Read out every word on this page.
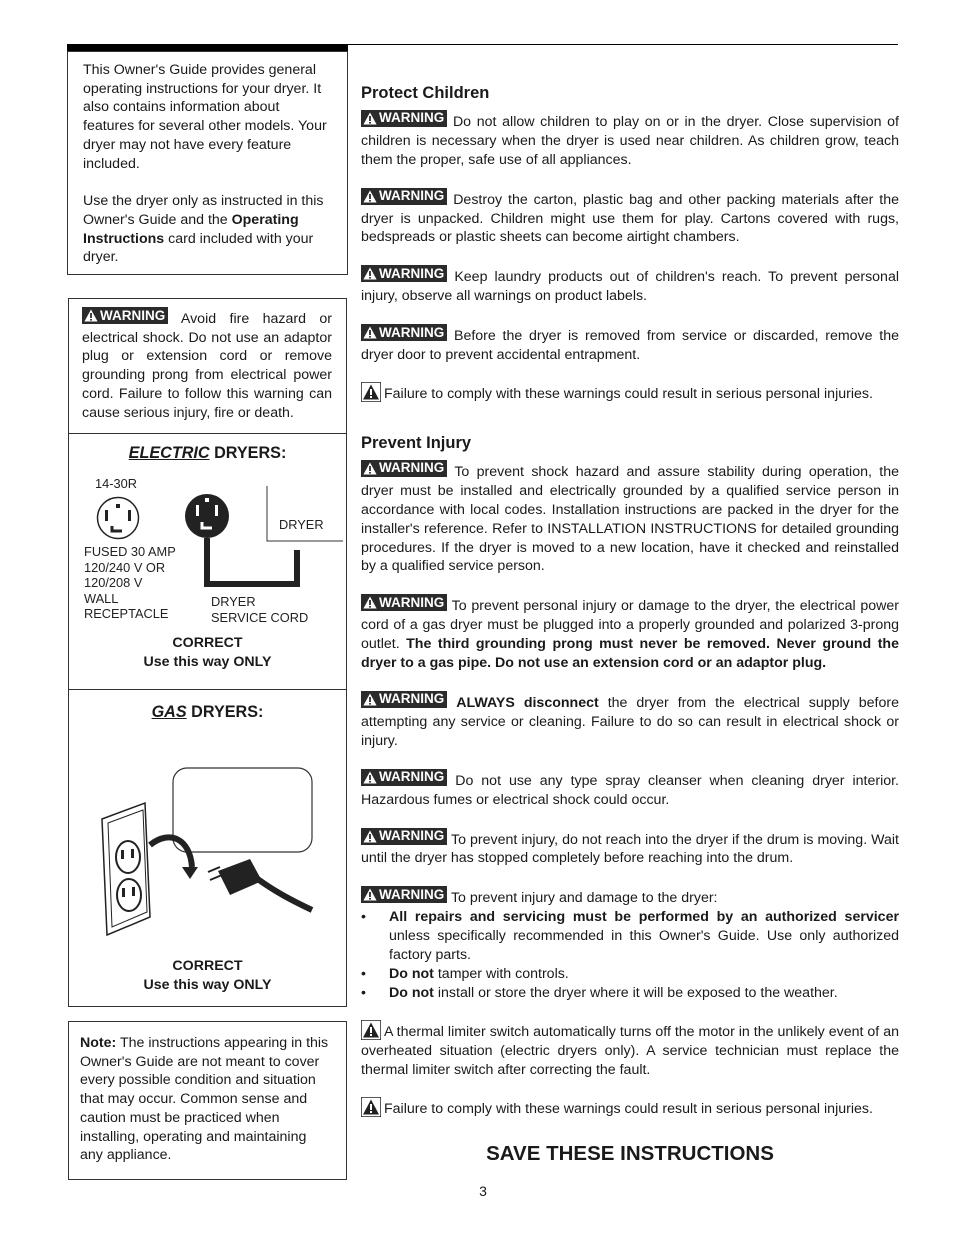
This Owner's Guide provides general operating instructions for your dryer. It also contains information about features for several other models. Your dryer may not have every feature included.

Use the dryer only as instructed in this Owner's Guide and the Operating Instructions card included with your dryer.

WARNING Avoid fire hazard or electrical shock. Do not use an adaptor plug or extension cord or remove grounding prong from electrical power cord. Failure to follow this warning can cause serious injury, fire or death.

ELECTRIC DRYERS:
14-30R
DRYER
FUSED 30 AMP
120/240 V OR
120/208 V
WALL
RECEPTACLE
DRYER
SERVICE CORD
CORRECT
Use this way ONLY
GAS DRYERS:
CORRECT
Use this way ONLY

Note: The instructions appearing in this Owner's Guide are not meant to cover every possible condition and situation that may occur. Common sense and caution must be practiced when installing, operating and maintaining any appliance.

Protect Children

WARNING Do not allow children to play on or in the dryer. Close supervision of children is necessary when the dryer is used near children. As children grow, teach them the proper, safe use of all appliances.

WARNING Destroy the carton, plastic bag and other packing materials after the dryer is unpacked. Children might use them for play. Cartons covered with rugs, bedspreads or plastic sheets can become airtight chambers.

WARNING Keep laundry products out of children's reach. To prevent personal injury, observe all warnings on product labels.

WARNING Before the dryer is removed from service or discarded, remove the dryer door to prevent accidental entrapment.

Failure to comply with these warnings could result in serious personal injuries.

Prevent Injury

WARNING To prevent shock hazard and assure stability during operation, the dryer must be installed and electrically grounded by a qualified service person in accordance with local codes. Installation instructions are packed in the dryer for the installer's reference. Refer to INSTALLATION INSTRUCTIONS for detailed grounding procedures. If the dryer is moved to a new location, have it checked and reinstalled by a qualified service person.

WARNING To prevent personal injury or damage to the dryer, the electrical power cord of a gas dryer must be plugged into a properly grounded and polarized 3-prong outlet. The third grounding prong must never be removed. Never ground the dryer to a gas pipe. Do not use an extension cord or an adaptor plug.

WARNING ALWAYS disconnect the dryer from the electrical supply before attempting any service or cleaning. Failure to do so can result in electrical shock or injury.

WARNING Do not use any type spray cleanser when cleaning dryer interior. Hazardous fumes or electrical shock could occur.

WARNING To prevent injury, do not reach into the dryer if the drum is moving. Wait until the dryer has stopped completely before reaching into the drum.

WARNING To prevent injury and damage to the dryer:

•	All repairs and servicing must be performed by an authorized servicer unless specifically recommended in this Owner's Guide. Use only authorized factory parts.

•	Do not tamper with controls.

•	Do not install or store the dryer where it will be exposed to the weather.

A thermal limiter switch automatically turns off the motor in the unlikely event of an overheated situation (electric dryers only). A service technician must replace the thermal limiter switch after correcting the fault.

Failure to comply with these warnings could result in serious personal injuries.

SAVE THESE INSTRUCTIONS
3
